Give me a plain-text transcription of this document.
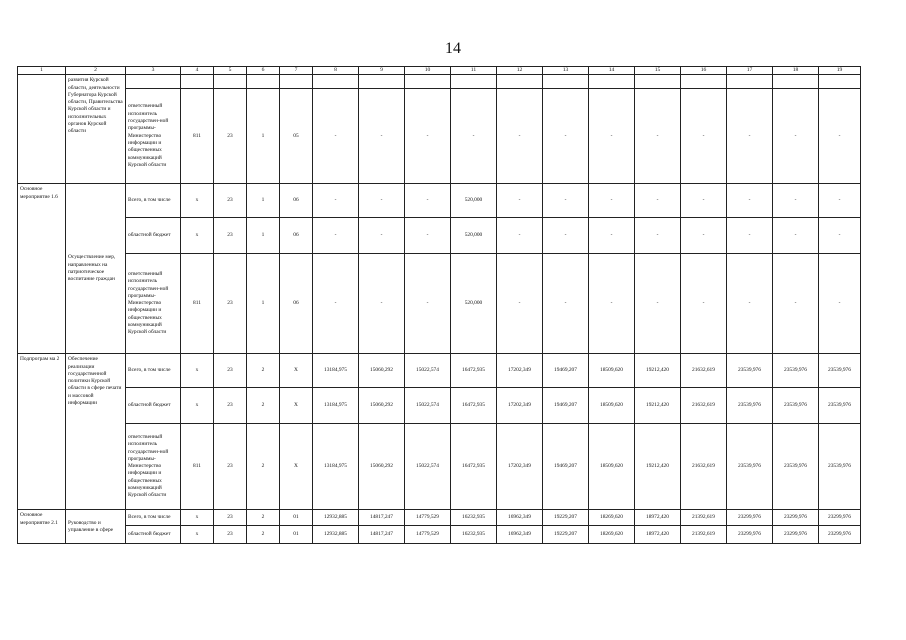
14
1	2	3	4	5	6	7	8	9	10	11	12	13	14	15	16	17	18	19
	развития Курской области, деятельности Губернатора Курской области, Правительства Курской области и исполнительных органов Курской области																	
		ответственный исполнитель государствен-ной программы-Министерство информации и общественных коммуникаций Курской области	811	23	1	05	-	-	-	-	-	-	-	-	-	-	-	-
Основное мероприятие 1.6	Осуществление мер, направленных на патриотическое воспитание граждан	Всего, в том числе	х	23	1	06	-	-	-	520,000	-	-	-	-	-	-	-	-
		областной бюджет	х	23	1	06	-	-	-	520,000	-	-	-	-	-	-	-	-
		ответственный исполнитель государствен-ной программы-Министерство информации и общественных коммуникаций Курской области	811	23	1	06	-	-	-	520,000	-	-	-	-	-	-	-	-
Подпрограм ма 2	Обеспечение реализации государственной политики Курской области в сфере печати и массовой информации	Всего, в том числе	х	23	2	Х	13184,975	15060,292	15022,574	16472,935	17202,349	19469,207	18509,620	19212,420	21632,619	23539,976	23539,976	23539,976
		областной бюджет	х	23	2	Х	13184,975	15060,292	15022,574	16472,935	17202,349	19469,207	18509,620	19212,420	21632,619	23539,976	23539,976	23539,976
		ответственный исполнитель государствен-ной программы-Министерство информации и общественных коммуникаций Курской области	811	23	2	Х	13184,975	15060,292	15022,574	16472,935	17202,349	19469,207	18509,620	19212,420	21632,619	23539,976	23539,976	23539,976
Основное мероприятие 2.1	Руководство и управление в сфере	Всего, в том числе	х	23	2	01	12932,885	14817,247	14779,529	16232,935	16962,349	19229,207	18269,620	18972,420	21392,619	23299,976	23299,976	23299,976
		областной бюджет	х	23	2	01	12932,885	14817,247	14779,529	16232,935	16962,349	19229,207	18269,620	18972,420	21392,619	23299,976	23299,976	23299,976
